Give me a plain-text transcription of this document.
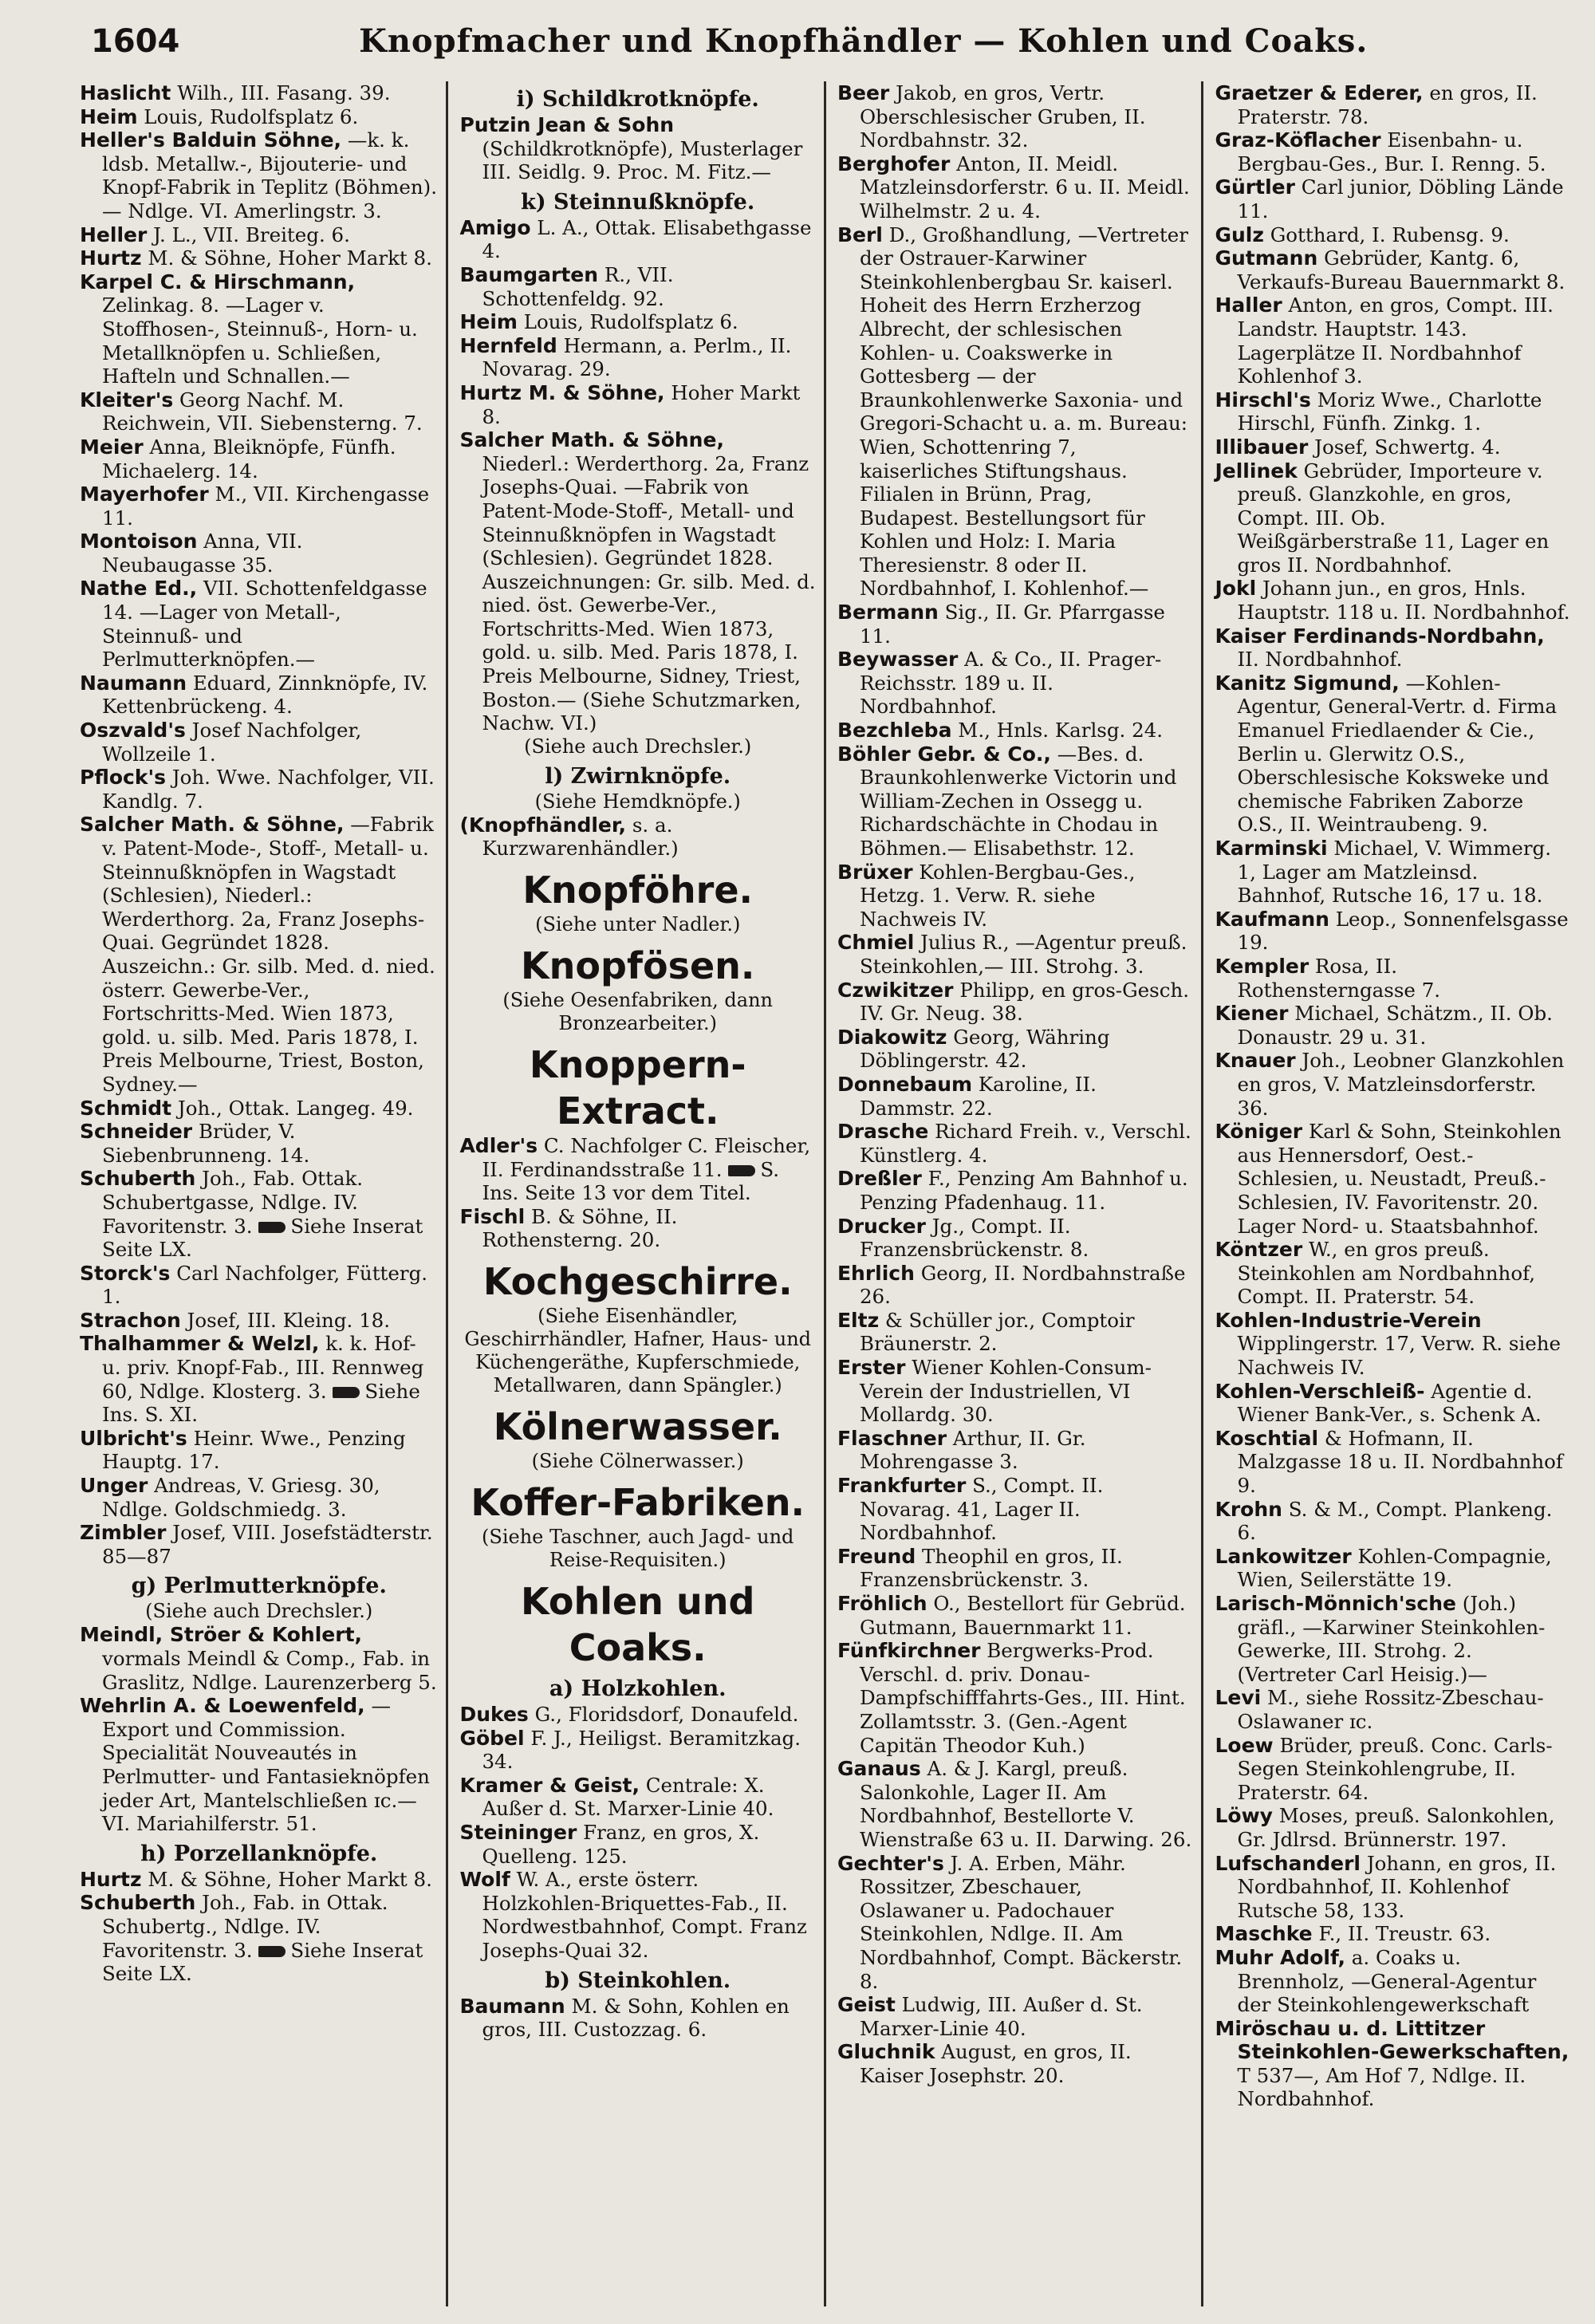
1604	Knopfmacher und Knopfhändler — Kohlen und Coaks.

Haslicht Wilh., III. Fasang. 39.

Heim Louis, Rudolfsplatz 6.

Heller's Balduin Söhne, —k. k. ldsb. Metallw.-, Bijouterie- und Knopf-Fabrik in Teplitz (Böhmen).— Ndlge. VI. Amerlingstr. 3.

Heller J. L., VII. Breiteg. 6.

Hurtz M. & Söhne, Hoher Markt 8.

Karpel C. & Hirschmann, Zelinkag. 8. —Lager v. Stoffhosen-, Steinnuß-, Horn- u. Metallknöpfen u. Schließen, Hafteln und Schnallen.—

Kleiter's Georg Nachf. M. Reichwein, VII. Siebensterng. 7.

Meier Anna, Bleiknöpfe, Fünfh. Michaelerg. 14.

Mayerhofer M., VII. Kirchengasse 11.

Montoison Anna, VII. Neubaugasse 35.

Nathe Ed., VII. Schottenfeldgasse 14. —Lager von Metall-, Steinnuß- und Perlmutterknöpfen.—

Naumann Eduard, Zinnknöpfe, IV. Kettenbrückeng. 4.

Oszvald's Josef Nachfolger, Wollzeile 1.

Pflock's Joh. Wwe. Nachfolger, VII. Kandlg. 7.

Salcher Math. & Söhne, —Fabrik v. Patent-Mode-, Stoff-, Metall- u. Steinnußknöpfen in Wagstadt (Schlesien), Niederl.: Werderthorg. 2a, Franz Josephs-Quai. Gegründet 1828. Auszeichn.: Gr. silb. Med. d. nied. österr. Gewerbe-Ver., Fortschritts-Med. Wien 1873, gold. u. silb. Med. Paris 1878, I. Preis Melbourne, Triest, Boston, Sydney.—

Schmidt Joh., Ottak. Langeg. 49.

Schneider Brüder, V. Siebenbrunneng. 14.

Schuberth Joh., Fab. Ottak. Schubertgasse, Ndlge. IV. Favoritenstr. 3. Siehe Inserat Seite LX.

Storck's Carl Nachfolger, Fütterg. 1.

Strachon Josef, III. Kleing. 18.

Thalhammer & Welzl, k. k. Hof- u. priv. Knopf-Fab., III. Rennweg 60, Ndlge. Klosterg. 3. Siehe Ins. S. XI.

Ulbricht's Heinr. Wwe., Penzing Hauptg. 17.

Unger Andreas, V. Griesg. 30, Ndlge. Goldschmiedg. 3.

Zimbler Josef, VIII. Josefstädterstr. 85—87

g) Perlmutterknöpfe.
(Siehe auch Drechsler.)

Meindl, Ströer & Kohlert, vormals Meindl & Comp., Fab. in Graslitz, Ndlge. Laurenzerberg 5.

Wehrlin A. & Loewenfeld, —Export und Commission. Specialität Nouveautés in Perlmutter- und Fantasieknöpfen jeder Art, Mantelschließen ɪc.— VI. Mariahilferstr. 51.

h) Porzellanknöpfe.

Hurtz M. & Söhne, Hoher Markt 8.

Schuberth Joh., Fab. in Ottak. Schubertg., Ndlge. IV. Favoritenstr. 3. Siehe Inserat Seite LX.

i) Schildkrotknöpfe.

Putzin Jean & Sohn (Schildkrotknöpfe), Musterlager III. Seidlg. 9. Proc. M. Fitz.—

k) Steinnußknöpfe.

Amigo L. A., Ottak. Elisabethgasse 4.

Baumgarten R., VII. Schottenfeldg. 92.

Heim Louis, Rudolfsplatz 6.

Hernfeld Hermann, a. Perlm., II. Novarag. 29.

Hurtz M. & Söhne, Hoher Markt 8.

Salcher Math. & Söhne, Niederl.: Werderthorg. 2a, Franz Josephs-Quai. —Fabrik von Patent-Mode-Stoff-, Metall- und Steinnußknöpfen in Wagstadt (Schlesien). Gegründet 1828. Auszeichnungen: Gr. silb. Med. d. nied. öst. Gewerbe-Ver., Fortschritts-Med. Wien 1873, gold. u. silb. Med. Paris 1878, I. Preis Melbourne, Sidney, Triest, Boston.— (Siehe Schutzmarken, Nachw. VI.)

(Siehe auch Drechsler.)
l) Zwirnknöpfe.
(Siehe Hemdknöpfe.)

(Knopfhändler, s. a. Kurzwarenhändler.)

Knopföhre.
(Siehe unter Nadler.)
Knopfösen.
(Siehe Oesenfabriken, dann Bronzearbeiter.)
Knoppern-Extract.

Adler's C. Nachfolger C. Fleischer, II. Ferdinandsstraße 11. S. Ins. Seite 13 vor dem Titel.

Fischl B. & Söhne, II. Rothensterng. 20.

Kochgeschirre.
(Siehe Eisenhändler, Geschirrhändler, Hafner, Haus- und Küchengeräthe, Kupferschmiede, Metallwaren, dann Spängler.)
Kölnerwasser.
(Siehe Cölnerwasser.)
Koffer-Fabriken.
(Siehe Taschner, auch Jagd- und Reise-Requisiten.)
Kohlen und Coaks.
a) Holzkohlen.

Dukes G., Floridsdorf, Donaufeld.

Göbel F. J., Heiligst. Beramitzkag. 34.

Kramer & Geist, Centrale: X. Außer d. St. Marxer-Linie 40.

Steininger Franz, en gros, X. Quelleng. 125.

Wolf W. A., erste österr. Holzkohlen-Briquettes-Fab., II. Nordwestbahnhof, Compt. Franz Josephs-Quai 32.

b) Steinkohlen.

Baumann M. & Sohn, Kohlen en gros, III. Custozzag. 6.

Beer Jakob, en gros, Vertr. Oberschlesischer Gruben, II. Nordbahnstr. 32.

Berghofer Anton, II. Meidl. Matzleinsdorferstr. 6 u. II. Meidl. Wilhelmstr. 2 u. 4.

Berl D., Großhandlung, —Vertreter der Ostrauer-Karwiner Steinkohlenbergbau Sr. kaiserl. Hoheit des Herrn Erzherzog Albrecht, der schlesischen Kohlen- u. Coakswerke in Gottesberg — der Braunkohlenwerke Saxonia- und Gregori-Schacht u. a. m. Bureau: Wien, Schottenring 7, kaiserliches Stiftungshaus. Filialen in Brünn, Prag, Budapest. Bestellungsort für Kohlen und Holz: I. Maria Theresienstr. 8 oder II. Nordbahnhof, I. Kohlenhof.—

Bermann Sig., II. Gr. Pfarrgasse 11.

Beywasser A. & Co., II. Prager-Reichsstr. 189 u. II. Nordbahnhof.

Bezchleba M., Hnls. Karlsg. 24.

Böhler Gebr. & Co., —Bes. d. Braunkohlenwerke Victorin und William-Zechen in Ossegg u. Richardschächte in Chodau in Böhmen.— Elisabethstr. 12.

Brüxer Kohlen-Bergbau-Ges., Hetzg. 1. Verw. R. siehe Nachweis IV.

Chmiel Julius R., —Agentur preuß. Steinkohlen,— III. Strohg. 3.

Czwikitzer Philipp, en gros-Gesch. IV. Gr. Neug. 38.

Diakowitz Georg, Währing Döblingerstr. 42.

Donnebaum Karoline, II. Dammstr. 22.

Drasche Richard Freih. v., Verschl. Künstlerg. 4.

Dreßler F., Penzing Am Bahnhof u. Penzing Pfadenhaug. 11.

Drucker Jg., Compt. II. Franzensbrückenstr. 8.

Ehrlich Georg, II. Nordbahnstraße 26.

Eltz & Schüller jor., Comptoir Bräunerstr. 2.

Erster Wiener Kohlen-Consum-Verein der Industriellen, VI Mollardg. 30.

Flaschner Arthur, II. Gr. Mohrengasse 3.

Frankfurter S., Compt. II. Novarag. 41, Lager II. Nordbahnhof.

Freund Theophil en gros, II. Franzensbrückenstr. 3.

Fröhlich O., Bestellort für Gebrüd. Gutmann, Bauernmarkt 11.

Fünfkirchner Bergwerks-Prod. Verschl. d. priv. Donau-Dampfschifffahrts-Ges., III. Hint. Zollamtsstr. 3. (Gen.-Agent Capitän Theodor Kuh.)

Ganaus A. & J. Kargl, preuß. Salonkohle, Lager II. Am Nordbahnhof, Bestellorte V. Wienstraße 63 u. II. Darwing. 26.

Gechter's J. A. Erben, Mähr. Rossitzer, Zbeschauer, Oslawaner u. Padochauer Steinkohlen, Ndlge. II. Am Nordbahnhof, Compt. Bäckerstr. 8.

Geist Ludwig, III. Außer d. St. Marxer-Linie 40.

Gluchnik August, en gros, II. Kaiser Josephstr. 20.

Graetzer & Ederer, en gros, II. Praterstr. 78.

Graz-Köflacher Eisenbahn- u. Bergbau-Ges., Bur. I. Renng. 5.

Gürtler Carl junior, Döbling Lände 11.

Gulz Gotthard, I. Rubensg. 9.

Gutmann Gebrüder, Kantg. 6, Verkaufs-Bureau Bauernmarkt 8.

Haller Anton, en gros, Compt. III. Landstr. Hauptstr. 143. Lagerplätze II. Nordbahnhof Kohlenhof 3.

Hirschl's Moriz Wwe., Charlotte Hirschl, Fünfh. Zinkg. 1.

Illibauer Josef, Schwertg. 4.

Jellinek Gebrüder, Importeure v. preuß. Glanzkohle, en gros, Compt. III. Ob. Weißgärberstraße 11, Lager en gros II. Nordbahnhof.

Jokl Johann jun., en gros, Hnls. Hauptstr. 118 u. II. Nordbahnhof.

Kaiser Ferdinands-Nordbahn, II. Nordbahnhof.

Kanitz Sigmund, —Kohlen-Agentur, General-Vertr. d. Firma Emanuel Friedlaender & Cie., Berlin u. Glerwitz O.S., Oberschlesische Koksweke und chemische Fabriken Zaborze O.S., II. Weintraubeng. 9.

Karminski Michael, V. Wimmerg. 1, Lager am Matzleinsd. Bahnhof, Rutsche 16, 17 u. 18.

Kaufmann Leop., Sonnenfelsgasse 19.

Kempler Rosa, II. Rothensterngasse 7.

Kiener Michael, Schätzm., II. Ob. Donaustr. 29 u. 31.

Knauer Joh., Leobner Glanzkohlen en gros, V. Matzleinsdorferstr. 36.

Königer Karl & Sohn, Steinkohlen aus Hennersdorf, Oest.-Schlesien, u. Neustadt, Preuß.-Schlesien, IV. Favoritenstr. 20. Lager Nord- u. Staatsbahnhof.

Köntzer W., en gros preuß. Steinkohlen am Nordbahnhof, Compt. II. Praterstr. 54.

Kohlen-Industrie-Verein Wipplingerstr. 17, Verw. R. siehe Nachweis IV.

Kohlen-Verschleiß- Agentie d. Wiener Bank-Ver., s. Schenk A.

Koschtial & Hofmann, II. Malzgasse 18 u. II. Nordbahnhof 9.

Krohn S. & M., Compt. Plankeng. 6.

Lankowitzer Kohlen-Compagnie, Wien, Seilerstätte 19.

Larisch-Mönnich'sche (Joh.) gräfl., —Karwiner Steinkohlen-Gewerke, III. Strohg. 2. (Vertreter Carl Heisig.)—

Levi M., siehe Rossitz-Zbeschau-Oslawaner ɪc.

Loew Brüder, preuß. Conc. Carls-Segen Steinkohlengrube, II. Praterstr. 64.

Löwy Moses, preuß. Salonkohlen, Gr. Jdlrsd. Brünnerstr. 197.

Lufschanderl Johann, en gros, II. Nordbahnhof, II. Kohlenhof Rutsche 58, 133.

Maschke F., II. Treustr. 63.

Muhr Adolf, a. Coaks u. Brennholz, —General-Agentur der Steinkohlengewerkschaft

Miröschau u. d. Littitzer Steinkohlen-Gewerkschaften, T 537—, Am Hof 7, Ndlge. II. Nordbahnhof.
